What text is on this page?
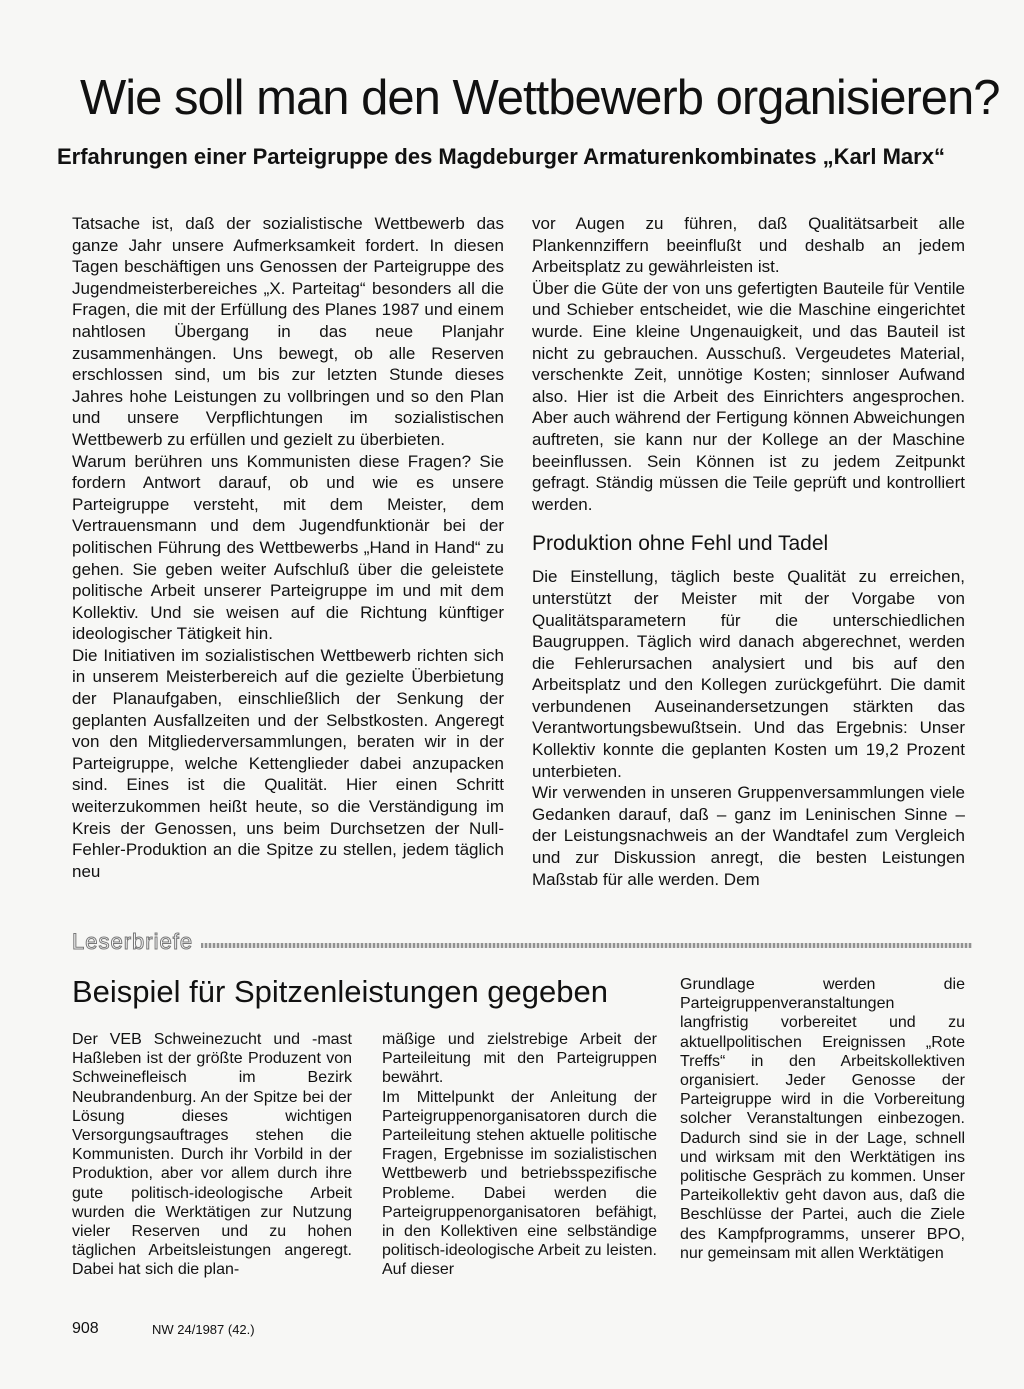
Wie soll man den Wettbewerb organisieren?
Erfahrungen einer Parteigruppe des Magdeburger Armaturenkombinates „Karl Marx“

Tatsache ist, daß der sozialistische Wettbewerb das ganze Jahr unsere Aufmerksamkeit fordert. In diesen Tagen beschäftigen uns Genossen der Parteigruppe des Jugendmeisterbereiches „X. Parteitag“ besonders all die Fragen, die mit der Erfüllung des Planes 1987 und einem nahtlosen Übergang in das neue Planjahr zusammenhängen. Uns bewegt, ob alle Reserven erschlossen sind, um bis zur letzten Stunde dieses Jahres hohe Leistungen zu vollbringen und so den Plan und unsere Verpflichtungen im sozialistischen Wettbewerb zu erfüllen und gezielt zu überbieten.

Warum berühren uns Kommunisten diese Fragen? Sie fordern Antwort darauf, ob und wie es unsere Parteigruppe versteht, mit dem Meister, dem Vertrauensmann und dem Jugendfunktionär bei der politischen Führung des Wettbewerbs „Hand in Hand“ zu gehen. Sie geben weiter Aufschluß über die geleistete politische Arbeit unserer Parteigruppe im und mit dem Kollektiv. Und sie weisen auf die Richtung künftiger ideologischer Tätigkeit hin.

Die Initiativen im sozialistischen Wettbewerb richten sich in unserem Meisterbereich auf die gezielte Überbietung der Planaufgaben, einschließlich der Senkung der geplanten Ausfallzeiten und der Selbstkosten. Angeregt von den Mitgliederversammlungen, beraten wir in der Parteigruppe, welche Kettenglieder dabei anzupacken sind. Eines ist die Qualität. Hier einen Schritt weiterzukommen heißt heute, so die Verständigung im Kreis der Genossen, uns beim Durchsetzen der Null-Fehler-Produktion an die Spitze zu stellen, jedem täglich neu

vor Augen zu führen, daß Qualitätsarbeit alle Plankennziffern beeinflußt und deshalb an jedem Arbeitsplatz zu gewährleisten ist.

Über die Güte der von uns gefertigten Bauteile für Ventile und Schieber entscheidet, wie die Maschine eingerichtet wurde. Eine kleine Ungenauigkeit, und das Bauteil ist nicht zu gebrauchen. Ausschuß. Vergeudetes Material, verschenkte Zeit, unnötige Kosten; sinnloser Aufwand also. Hier ist die Arbeit des Einrichters angesprochen. Aber auch während der Fertigung können Abweichungen auftreten, sie kann nur der Kollege an der Maschine beeinflussen. Sein Können ist zu jedem Zeitpunkt gefragt. Ständig müssen die Teile geprüft und kontrolliert werden.

Produktion ohne Fehl und Tadel

Die Einstellung, täglich beste Qualität zu erreichen, unterstützt der Meister mit der Vorgabe von Qualitätsparametern für die unterschiedlichen Baugruppen. Täglich wird danach abgerechnet, werden die Fehlerursachen analysiert und bis auf den Arbeitsplatz und den Kollegen zurückgeführt. Die damit verbundenen Auseinandersetzungen stärkten das Verantwortungsbewußtsein. Und das Ergebnis: Unser Kollektiv konnte die geplanten Kosten um 19,2 Prozent unterbieten.

Wir verwenden in unseren Gruppenversammlungen viele Gedanken darauf, daß – ganz im Leninischen Sinne – der Leistungsnachweis an der Wandtafel zum Vergleich und zur Diskussion anregt, die besten Leistungen Maßstab für alle werden. Dem

Leserbriefe
Beispiel für Spitzenleistungen gegeben

Der VEB Schweinezucht und -mast Haßleben ist der größte Produzent von Schweinefleisch im Bezirk Neubrandenburg. An der Spitze bei der Lösung dieses wichtigen Versorgungsauftrages stehen die Kommunisten. Durch ihr Vorbild in der Produktion, aber vor allem durch ihre gute politisch-ideologische Arbeit wurden die Werktätigen zur Nutzung vieler Reserven und zu hohen täglichen Arbeitsleistungen angeregt. Dabei hat sich die plan-

mäßige und zielstrebige Arbeit der Parteileitung mit den Parteigruppen bewährt.

Im Mittelpunkt der Anleitung der Parteigruppenorganisatoren durch die Parteileitung stehen aktuelle politische Fragen, Ergebnisse im sozialistischen Wettbewerb und betriebsspezifische Probleme. Dabei werden die Parteigruppenorganisatoren befähigt, in den Kollektiven eine selbständige politisch-ideologische Arbeit zu leisten. Auf dieser

Grundlage werden die Parteigruppenveranstaltungen langfristig vorbereitet und zu aktuellpolitischen Ereignissen „Rote Treffs“ in den Arbeitskollektiven organisiert. Jeder Genosse der Parteigruppe wird in die Vorbereitung solcher Veranstaltungen einbezogen. Dadurch sind sie in der Lage, schnell und wirksam mit den Werktätigen ins politische Gespräch zu kommen. Unser Parteikollektiv geht davon aus, daß die Beschlüsse der Partei, auch die Ziele des Kampfprogramms, unserer BPO, nur gemeinsam mit allen Werktätigen

908	NW 24/1987 (42.)
